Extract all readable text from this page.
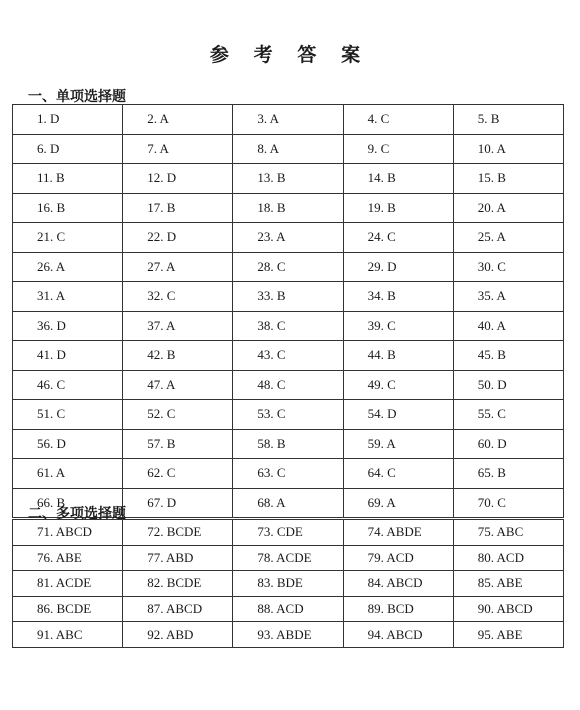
参 考 答 案
一、单项选择题
1. D	2. A	3. A	4. C	5. B
6. D	7. A	8. A	9. C	10. A
11. B	12. D	13. B	14. B	15. B
16. B	17. B	18. B	19. B	20. A
21. C	22. D	23. A	24. C	25. A
26. A	27. A	28. C	29. D	30. C
31. A	32. C	33. B	34. B	35. A
36. D	37. A	38. C	39. C	40. A
41. D	42. B	43. C	44. B	45. B
46. C	47. A	48. C	49. C	50. D
51. C	52. C	53. C	54. D	55. C
56. D	57. B	58. B	59. A	60. D
61. A	62. C	63. C	64. C	65. B
66. B	67. D	68. A	69. A	70. C
二、多项选择题
71. ABCD	72. BCDE	73. CDE	74. ABDE	75. ABC
76. ABE	77. ABD	78. ACDE	79. ACD	80. ACD
81. ACDE	82. BCDE	83. BDE	84. ABCD	85. ABE
86. BCDE	87. ABCD	88. ACD	89. BCD	90. ABCD
91. ABC	92. ABD	93. ABDE	94. ABCD	95. ABE
